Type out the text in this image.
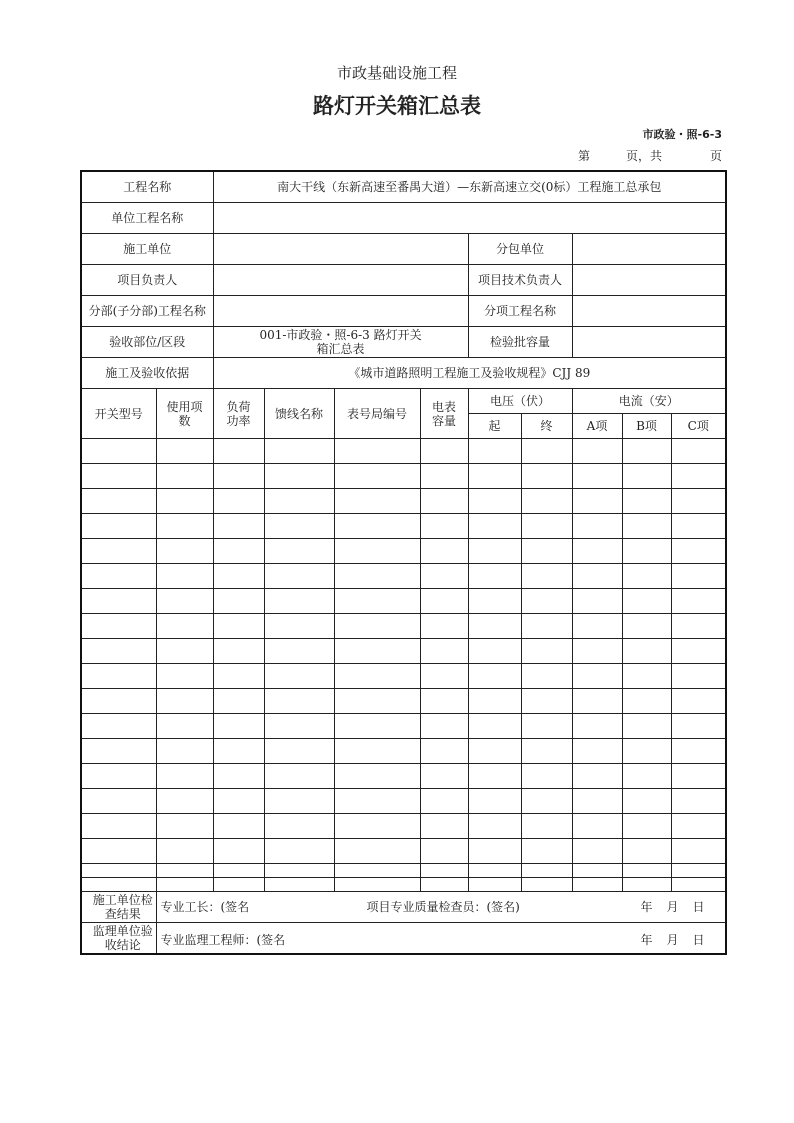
市政基础设施工程
路灯开关箱汇总表
市政验・照-6-3
第	页，共	页
工程名称		南大干线（东新高速至番禺大道）—东新高速立交(0标）工程施工总承包								
单位工程名称										
施工单位						分包单位				
项目负责人						项目技术负责人				
分部(子分部)工程名称						分项工程名称				
验收部位/区段		001-市政验・照-6-3 路灯开关箱汇总表				检验批容量				
施工及验收依据		《城市道路照明工程施工及验收规程》CJJ 89								
开关型号	使用项数	负荷功率	馈线名称	表号局编号	电表容量	电压（伏）		电流（安）		
						起	终	A项	B项	C项

施工单位检查结果	专业工长：(签名 项目专业质量检查员：(签名) 年 月 日									

监理单位验收结论	专业监理工程师：(签名 年 月 日									
